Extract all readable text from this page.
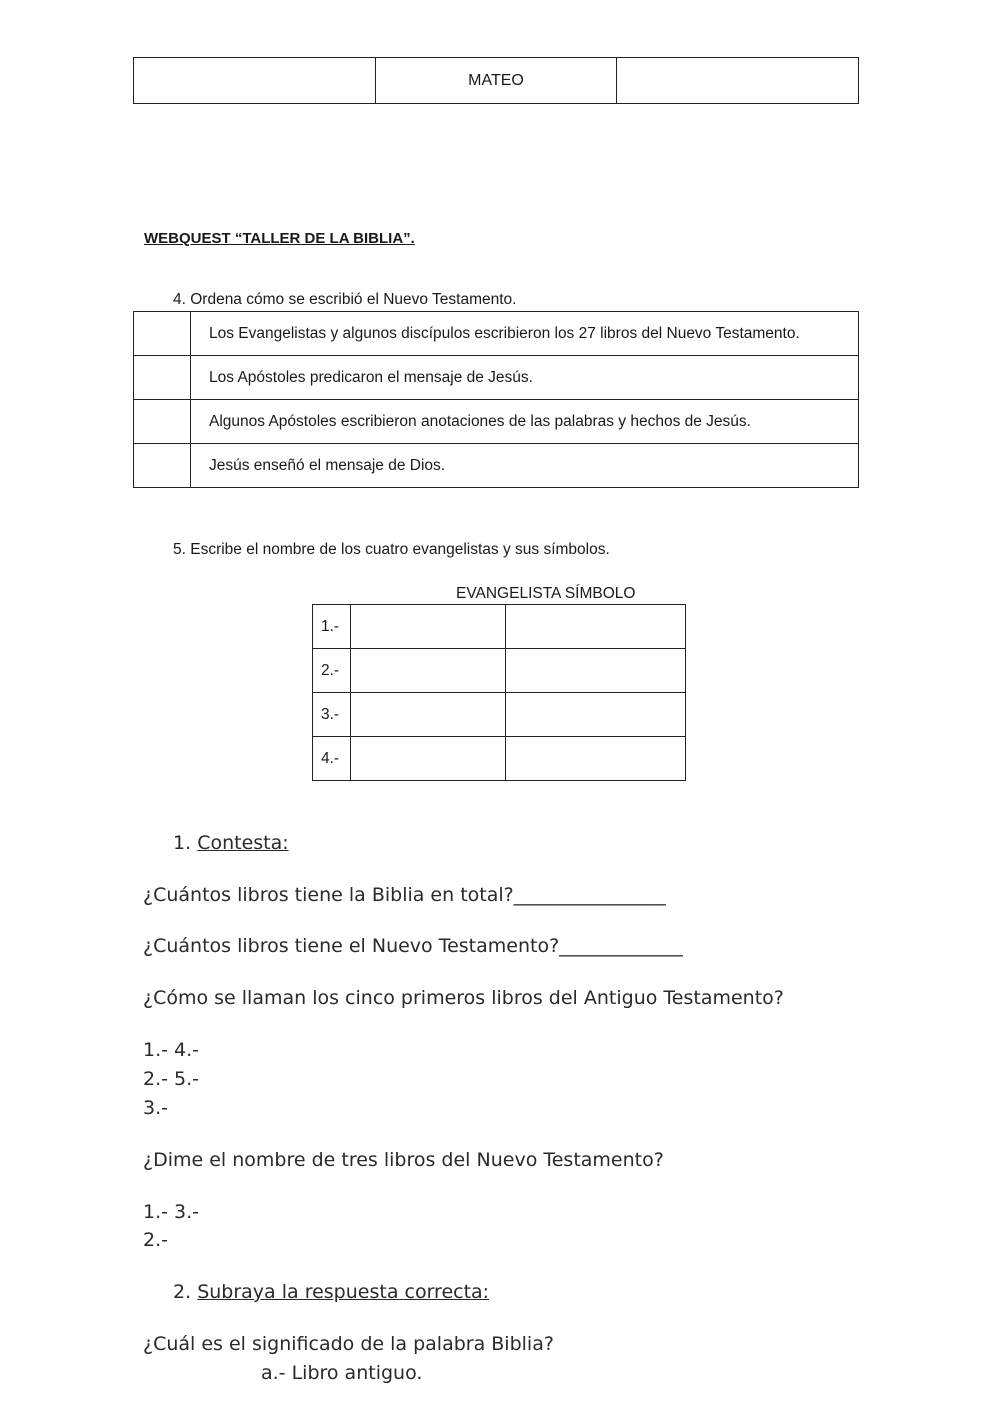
	MATEO	
WEBQUEST “TALLER DE LA BIBLIA”.
4. Ordena cómo se escribió el Nuevo Testamento.
	Los Evangelistas y algunos discípulos escribieron los 27 libros del Nuevo Testamento.
	Los Apóstoles predicaron el mensaje de Jesús.
	Algunos Apóstoles escribieron anotaciones de las palabras y hechos de Jesús.
	Jesús enseñó el mensaje de Dios.
5. Escribe el nombre de los cuatro evangelistas y sus símbolos.
EVANGELISTA SÍMBOLO
1.-		
2.-		
3.-		
4.-		
1. Contesta:
¿Cuántos libros tiene la Biblia en total?________________
¿Cuántos libros tiene el Nuevo Testamento?_____________
¿Cómo se llaman los cinco primeros libros del Antiguo Testamento?
1.- 4.-
2.- 5.-
3.-
¿Dime el nombre de tres libros del Nuevo Testamento?
1.- 3.-
2.-
2. Subraya la respuesta correcta:
¿Cuál es el significado de la palabra Biblia?
a.- Libro antiguo.
